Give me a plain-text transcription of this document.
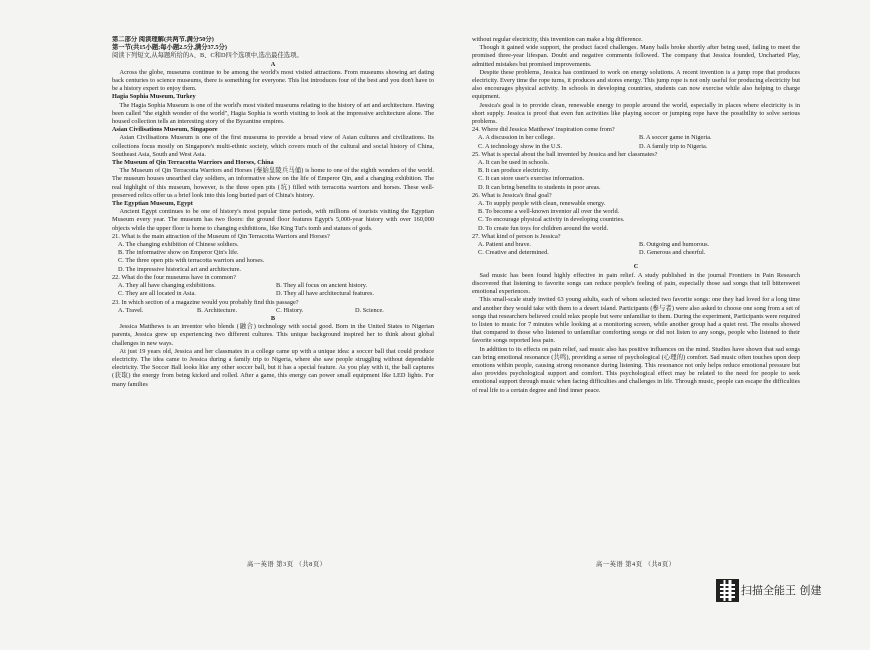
第二部分 阅读理解(共两节,满分50分)

第一节(共15小题;每小题2.5分,满分37.5分)

阅读下列短文,从每题所给的A、B、C和D四个选项中,选出最佳选项。

A

Across the globe, museums continue to be among the world's most visited attractions. From museums showing art dating back centuries to science museums, there is something for everyone. This list introduces four of the best and you don't have to be a history expert to enjoy them.

Hagia Sophia Museum, Turkey

The Hagia Sophia Museum is one of the world's most visited museums relating to the history of art and architecture. Having been called "the eighth wonder of the world", Hagia Sophia is worth visiting to look at the impressive architecture alone. The housed collection tells an interesting story of the Byzantine empires.

Asian Civilisations Museum, Singapore

Asian Civilisations Museum is one of the first museums to provide a broad view of Asian cultures and civilizations. Its collections focus mostly on Singapore's multi-ethnic society, which covers much of the cultural and social history of China, Southeast Asia, South and West Asia.

The Museum of Qin Terracotta Warriors and Horses, China

The Museum of Qin Terracotta Warriors and Horses (秦始皇陵兵马俑) is home to one of the eighth wonders of the world. The museum houses unearthed clay soldiers, an informative show on the life of Emperor Qin, and a changing exhibition. The real highlight of this museum, however, is the three open pits (坑) filled with terracotta warriors and horses. These well-preserved relics offer us a brief look into this long buried part of China's history.

The Egyptian Museum, Egypt

Ancient Egypt continues to be one of history's most popular time periods, with millions of tourists visiting the Egyptian Museum every year. The museum has two floors: the ground floor features Egypt's 5,000-year history with over 160,000 objects while the upper floor is home to changing exhibitions, like King Tut's tomb and statues of gods.

21. What is the main attraction of the Museum of Qin Terracotta Warriors and Horses?

A. The changing exhibition of Chinese soldiers.
B. The informative show on Emperor Qin's life.
C. The three open pits with terracotta warriors and horses.
D. The impressive historical art and architecture.

22. What do the four museums have in common?

A. They all have changing exhibitions.	B. They all focus on ancient history.
C. They are all located in Asia.	D. They all have architectural features.

23. In which section of a magazine would you probably find this passage?

A. Travel.	B. Architecture.	C. History.	D. Science.

B

Jessica Matthews is an inventor who blends (融合) technology with social good. Born in the United States to Nigerian parents, Jessica grew up experiencing two different cultures. This unique background inspired her to think about global challenges in new ways.

At just 19 years old, Jessica and her classmates in a college came up with a unique idea: a soccer ball that could produce electricity. The idea came to Jessica during a family trip to Nigeria, where she saw people struggling without dependable electricity. The Soccer Ball looks like any other soccer ball, but it has a special feature. As you play with it, the ball captures (获取) the energy from being kicked and rolled. After a game, this energy can power small equipment like LED lights. For many families

高一英语 第3页 （共8页）

without regular electricity, this invention can make a big difference.

Though it gained wide support, the product faced challenges. Many balls broke shortly after being used, failing to meet the promised three-year lifespan. Doubt and negative comments followed. The company that Jessica founded, Uncharted Play, admitted mistakes but promised improvements.

Despite these problems, Jessica has continued to work on energy solutions. A recent invention is a jump rope that produces electricity. Every time the rope turns, it produces and stores energy. This jump rope is not only useful for producing electricity but also encourages physical activity. In schools in developing countries, students can now exercise while also helping to charge equipment.

Jessica's goal is to provide clean, renewable energy to people around the world, especially in places where electricity is in short supply. Jessica is proof that even fun activities like playing soccer or jumping rope have the possibility to solve serious problems.

24. Where did Jessica Matthews' inspiration come from?

A. A discussion in her college.	B. A soccer game in Nigeria.
C. A technology show in the U.S.	D. A family trip to Nigeria.

25. What is special about the ball invented by Jessica and her classmates?

A. It can be used in schools.
B. It can produce electricity.
C. It can store user's exercise information.
D. It can bring benefits to students in poor areas.

26. What is Jessica's final goal?

A. To supply people with clean, renewable energy.
B. To become a well-known inventor all over the world.
C. To encourage physical activity in developing countries.
D. To create fun toys for children around the world.

27. What kind of person is Jessica?

A. Patient and brave.	B. Outgoing and humorous.
C. Creative and determined.	D. Generous and cheerful.

C

Sad music has been found highly effective in pain relief. A study published in the journal Frontiers in Pain Research discovered that listening to favorite songs can reduce people's feeling of pain, especially those sad songs that tell bittersweet emotional experiences.

This small-scale study invited 63 young adults, each of whom selected two favorite songs: one they had loved for a long time and another they would take with them to a desert island. Participants (参与者) were also asked to choose one song from a set of songs that researchers believed could relax people but were unfamiliar to them. During the experiment, Participants were required to listen to music for 7 minutes while looking at a monitoring screen, while another group had a quiet rest. The results showed that compared to those who listened to unfamiliar comforting songs or did not listen to any songs, people who listened to their favorite songs reported less pain.

In addition to its effects on pain relief, sad music also has positive influences on the mind. Studies have shown that sad songs can bring emotional resonance (共鸣), providing a sense of psychological (心理的) comfort. Sad music often touches upon deep emotions within people, causing strong resonance during listening. This resonance not only helps reduce emotional pressure but also provides psychological support and comfort. This psychological effect may be related to the need for people to seek emotional support through music when facing difficulties and challenges in life. Through music, people can escape the difficulties of real life to a certain degree and find inner peace.

高一英语 第4页 （共8页）
扫描全能王 创建
